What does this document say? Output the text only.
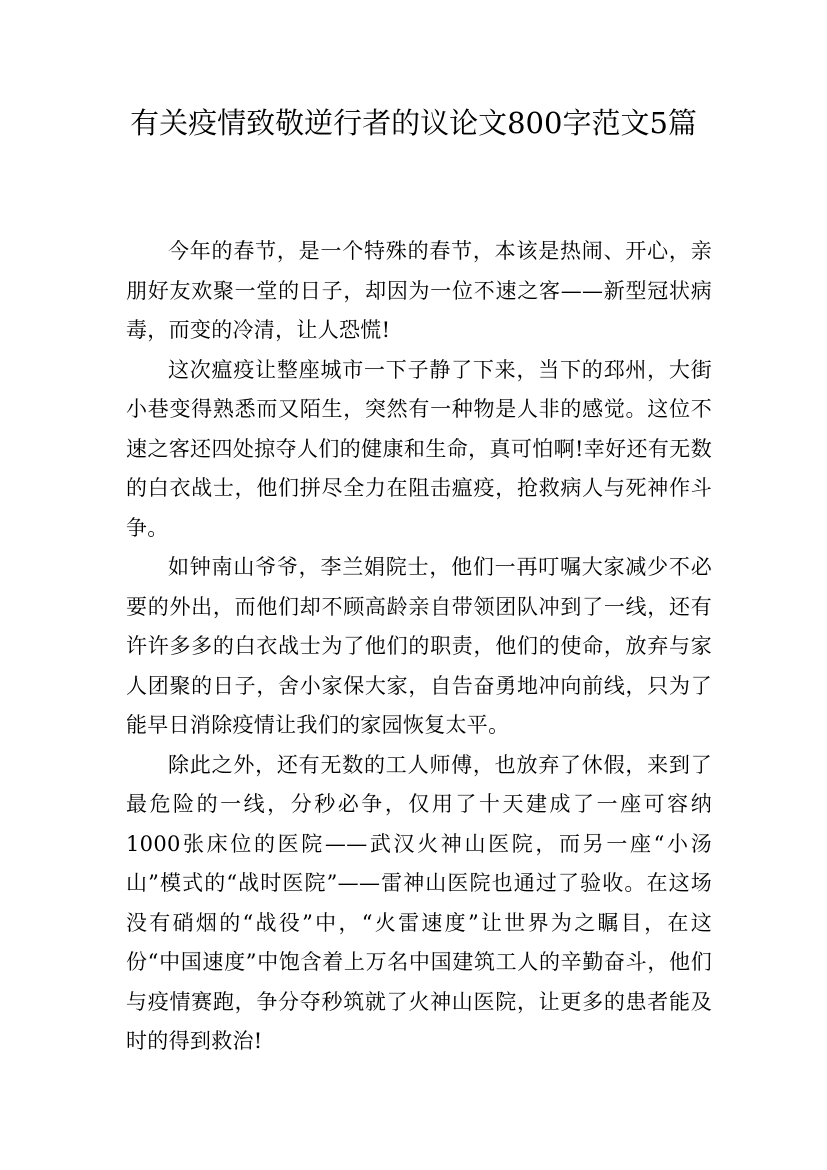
有关疫情致敬逆行者的议论文800字范文5篇

今年的春节，是一个特殊的春节，本该是热闹、开心，亲朋好友欢聚一堂的日子，却因为一位不速之客——新型冠状病毒，而变的冷清，让人恐慌!

这次瘟疫让整座城市一下子静了下来，当下的邳州，大街小巷变得熟悉而又陌生，突然有一种物是人非的感觉。这位不速之客还四处掠夺人们的健康和生命，真可怕啊!幸好还有无数的白衣战士，他们拼尽全力在阻击瘟疫，抢救病人与死神作斗争。

如钟南山爷爷，李兰娟院士，他们一再叮嘱大家减少不必要的外出，而他们却不顾高龄亲自带领团队冲到了一线，还有许许多多的白衣战士为了他们的职责，他们的使命，放弃与家人团聚的日子，舍小家保大家，自告奋勇地冲向前线，只为了能早日消除疫情让我们的家园恢复太平。

除此之外，还有无数的工人师傅，也放弃了休假，来到了最危险的一线，分秒必争，仅用了十天建成了一座可容纳1000张床位的医院——武汉火神山医院，而另一座“小汤山”模式的“战时医院”——雷神山医院也通过了验收。在这场没有硝烟的“战役”中，“火雷速度”让世界为之瞩目，在这份“中国速度”中饱含着上万名中国建筑工人的辛勤奋斗，他们与疫情赛跑，争分夺秒筑就了火神山医院，让更多的患者能及时的得到救治!
